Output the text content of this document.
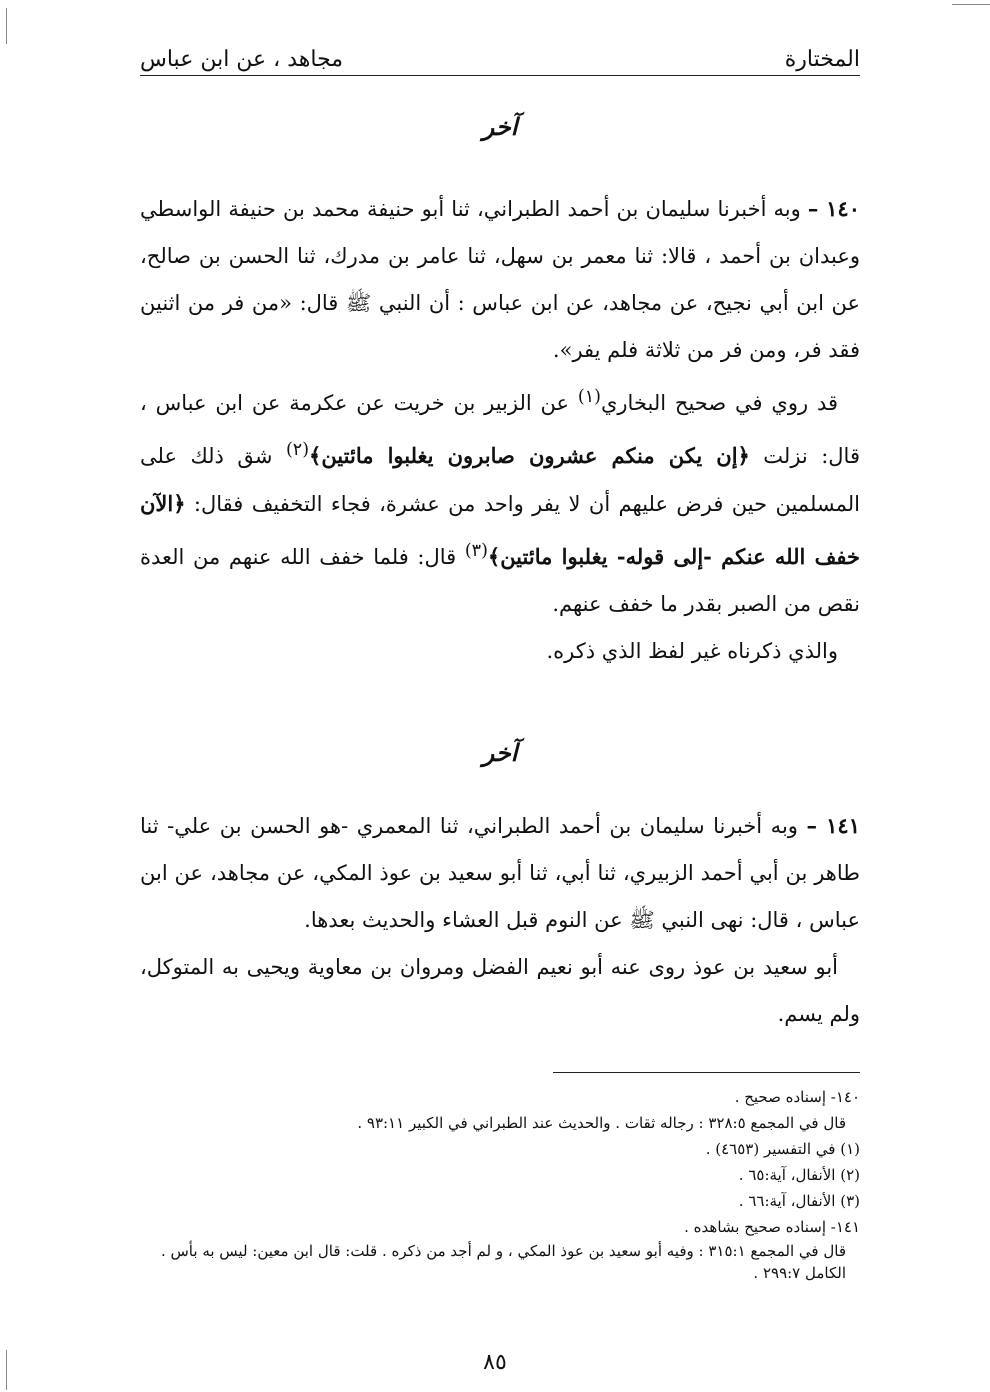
المختارة
مجاهد ، عن ابن عباس
آخر

١٤٠ – وبه أخبرنا سليمان بن أحمد الطبراني، ثنا أبو حنيفة محمد بن حنيفة الواسطي وعبدان بن أحمد ، قالا: ثنا معمر بن سهل، ثنا عامر بن مدرك، ثنا الحسن بن صالح، عن ابن أبي نجيح، عن مجاهد، عن ابن عباس : أن النبي ﷺ قال: «من فر من اثنين فقد فر، ومن فر من ثلاثة فلم يفر».

قد روي في صحيح البخاري$^{(١)}$ عن الزبير بن خريت عن عكرمة عن ابن عباس ، قال: نزلت ﴿إن يكن منكم عشرون صابرون يغلبوا مائتين﴾$^{(٢)}$ شق ذلك على المسلمين حين فرض عليهم أن لا يفر واحد من عشرة، فجاء التخفيف فقال: ﴿الآن خفف الله عنكم -إلى قوله- يغلبوا مائتين﴾$^{(٣)}$ قال: فلما خفف الله عنهم من العدة نقص من الصبر بقدر ما خفف عنهم.

والذي ذكرناه غير لفظ الذي ذكره.

آخر

١٤١ – وبه أخبرنا سليمان بن أحمد الطبراني، ثنا المعمري -هو الحسن بن علي- ثنا طاهر بن أبي أحمد الزبيري، ثنا أبي، ثنا أبو سعيد بن عوذ المكي، عن مجاهد، عن ابن عباس ، قال: نهى النبي ﷺ عن النوم قبل العشاء والحديث بعدها.

أبو سعيد بن عوذ روى عنه أبو نعيم الفضل ومروان بن معاوية ويحيى به المتوكل، ولم يسم.

١٤٠- إسناده صحيح .
قال في المجمع ٣٢٨:٥ : رجاله ثقات . والحديث عند الطبراني في الكبير ٩٣:١١ .
(١) في التفسير (٤٦٥٣) .
(٢) الأنفال، آية:٦٥ .
(٣) الأنفال، آية:٦٦ .
١٤١- إسناده صحيح بشاهده .
قال في المجمع ٣١٥:١ : وفيه أبو سعيد بن عوذ المكي ، و لم أجد من ذكره . قلت: قال ابن معين: ليس به بأس . الكامل ٢٩٩:٧ .
٨٥
